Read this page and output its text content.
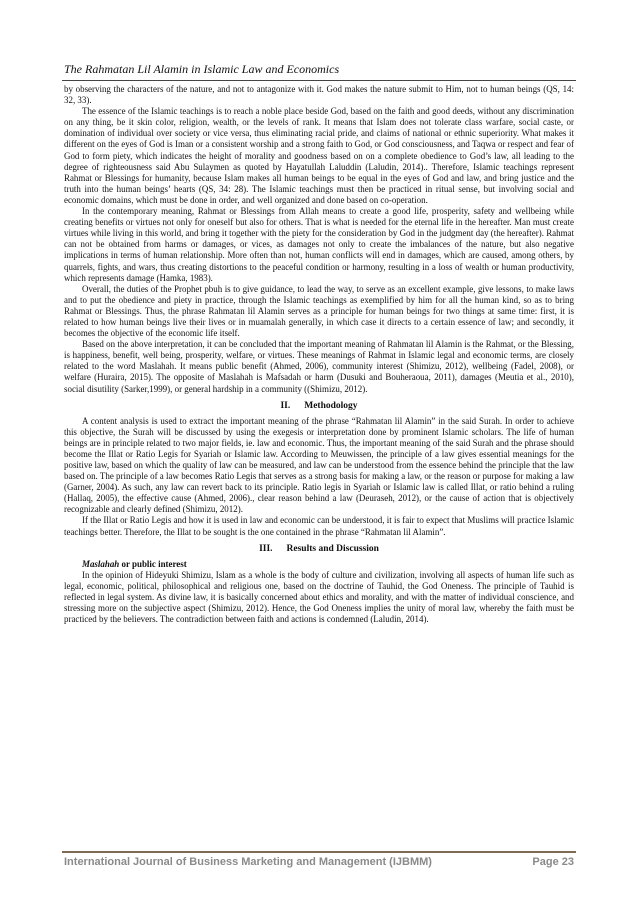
The Rahmatan Lil Alamin in Islamic Law and Economics

by observing the characters of the nature, and not to antagonize with it. God makes the nature submit to Him, not to human beings (QS, 14: 32, 33).

The essence of the Islamic teachings is to reach a noble place beside God, based on the faith and good deeds, without any discrimination on any thing, be it skin color, religion, wealth, or the levels of rank. It means that Islam does not tolerate class warfare, social caste, or domination of individual over society or vice versa, thus eliminating racial pride, and claims of national or ethnic superiority. What makes it different on the eyes of God is Iman or a consistent worship and a strong faith to God, or God consciousness, and Taqwa or respect and fear of God to form piety, which indicates the height of morality and goodness based on on a complete obedience to God’s law, all leading to the degree of righteousness said Abu Sulaymen as quoted by Hayatullah Laluddin (Laludin, 2014).. Therefore, Islamic teachings represent Rahmat or Blessings for humanity, because Islam makes all human beings to be equal in the eyes of God and law, and bring justice and the truth into the human beings’ hearts (QS, 34: 28). The Islamic teachings must then be practiced in ritual sense, but involving social and economic domains, which must be done in order, and well organized and done based on co-operation.

In the contemporary meaning, Rahmat or Blessings from Allah means to create a good life, prosperity, safety and wellbeing while creating benefits or virtues not only for oneself but also for others. That is what is needed for the eternal life in the hereafter. Man must create virtues while living in this world, and bring it together with the piety for the consideration by God in the judgment day (the hereafter). Rahmat can not be obtained from harms or damages, or vices, as damages not only to create the imbalances of the nature, but also negative implications in terms of human relationship. More often than not, human conflicts will end in damages, which are caused, among others, by quarrels, fights, and wars, thus creating distortions to the peaceful condition or harmony, resulting in a loss of wealth or human productivity, which represents damage (Hamka, 1983).

Overall, the duties of the Prophet pbuh is to give guidance, to lead the way, to serve as an excellent example, give lessons, to make laws and to put the obedience and piety in practice, through the Islamic teachings as exemplified by him for all the human kind, so as to bring Rahmat or Blessings. Thus, the phrase Rahmatan lil Alamin serves as a principle for human beings for two things at same time: first, it is related to how human beings live their lives or in muamalah generally, in which case it directs to a certain essence of law; and secondly, it becomes the objective of the economic life itself.

Based on the above interpretation, it can be concluded that the important meaning of Rahmatan lil Alamin is the Rahmat, or the Blessing, is happiness, benefit, well being, prosperity, welfare, or virtues. These meanings of Rahmat in Islamic legal and economic terms, are closely related to the word Maslahah. It means public benefit (Ahmed, 2006), community interest (Shimizu, 2012), wellbeing (Fadel, 2008), or welfare (Huraira, 2015). The opposite of Maslahah is Mafsadah or harm (Dusuki and Bouheraoua, 2011), damages (Meutia et al., 2010), social disutility (Sarker,1999), or general hardship in a community ((Shimizu, 2012).

II. Methodology

A content analysis is used to extract the important meaning of the phrase “Rahmatan lil Alamin” in the said Surah. In order to achieve this objective, the Surah will be discussed by using the exegesis or interpretation done by prominent Islamic scholars. The life of human beings are in principle related to two major fields, ie. law and economic. Thus, the important meaning of the said Surah and the phrase should become the Illat or Ratio Legis for Syariah or Islamic law. According to Meuwissen, the principle of a law gives essential meanings for the positive law, based on which the quality of law can be measured, and law can be understood from the essence behind the principle that the law based on. The principle of a law becomes Ratio Legis that serves as a strong basis for making a law, or the reason or purpose for making a law (Garner, 2004). As such, any law can revert back to its principle. Ratio legis in Syariah or Islamic law is called Illat, or ratio behind a ruling (Hallaq, 2005), the effective cause (Ahmed, 2006)., clear reason behind a law (Deuraseh, 2012), or the cause of action that is objectively recognizable and clearly defined (Shimizu, 2012).

If the Illat or Ratio Legis and how it is used in law and economic can be understood, it is fair to expect that Muslims will practice Islamic teachings better. Therefore, the Illat to be sought is the one contained in the phrase “Rahmatan lil Alamin”.

III. Results and Discussion

Maslahah or public interest

In the opinion of Hideyuki Shimizu, Islam as a whole is the body of culture and civilization, involving all aspects of human life such as legal, economic, political, philosophical and religious one, based on the doctrine of Tauhid, the God Oneness. The principle of Tauhid is reflected in legal system. As divine law, it is basically concerned about ethics and morality, and with the matter of individual conscience, and stressing more on the subjective aspect (Shimizu, 2012). Hence, the God Oneness implies the unity of moral law, whereby the faith must be practiced by the believers. The contradiction between faith and actions is condemned (Laludin, 2014).

International Journal of Business Marketing and Management (IJBMM)	Page 23
